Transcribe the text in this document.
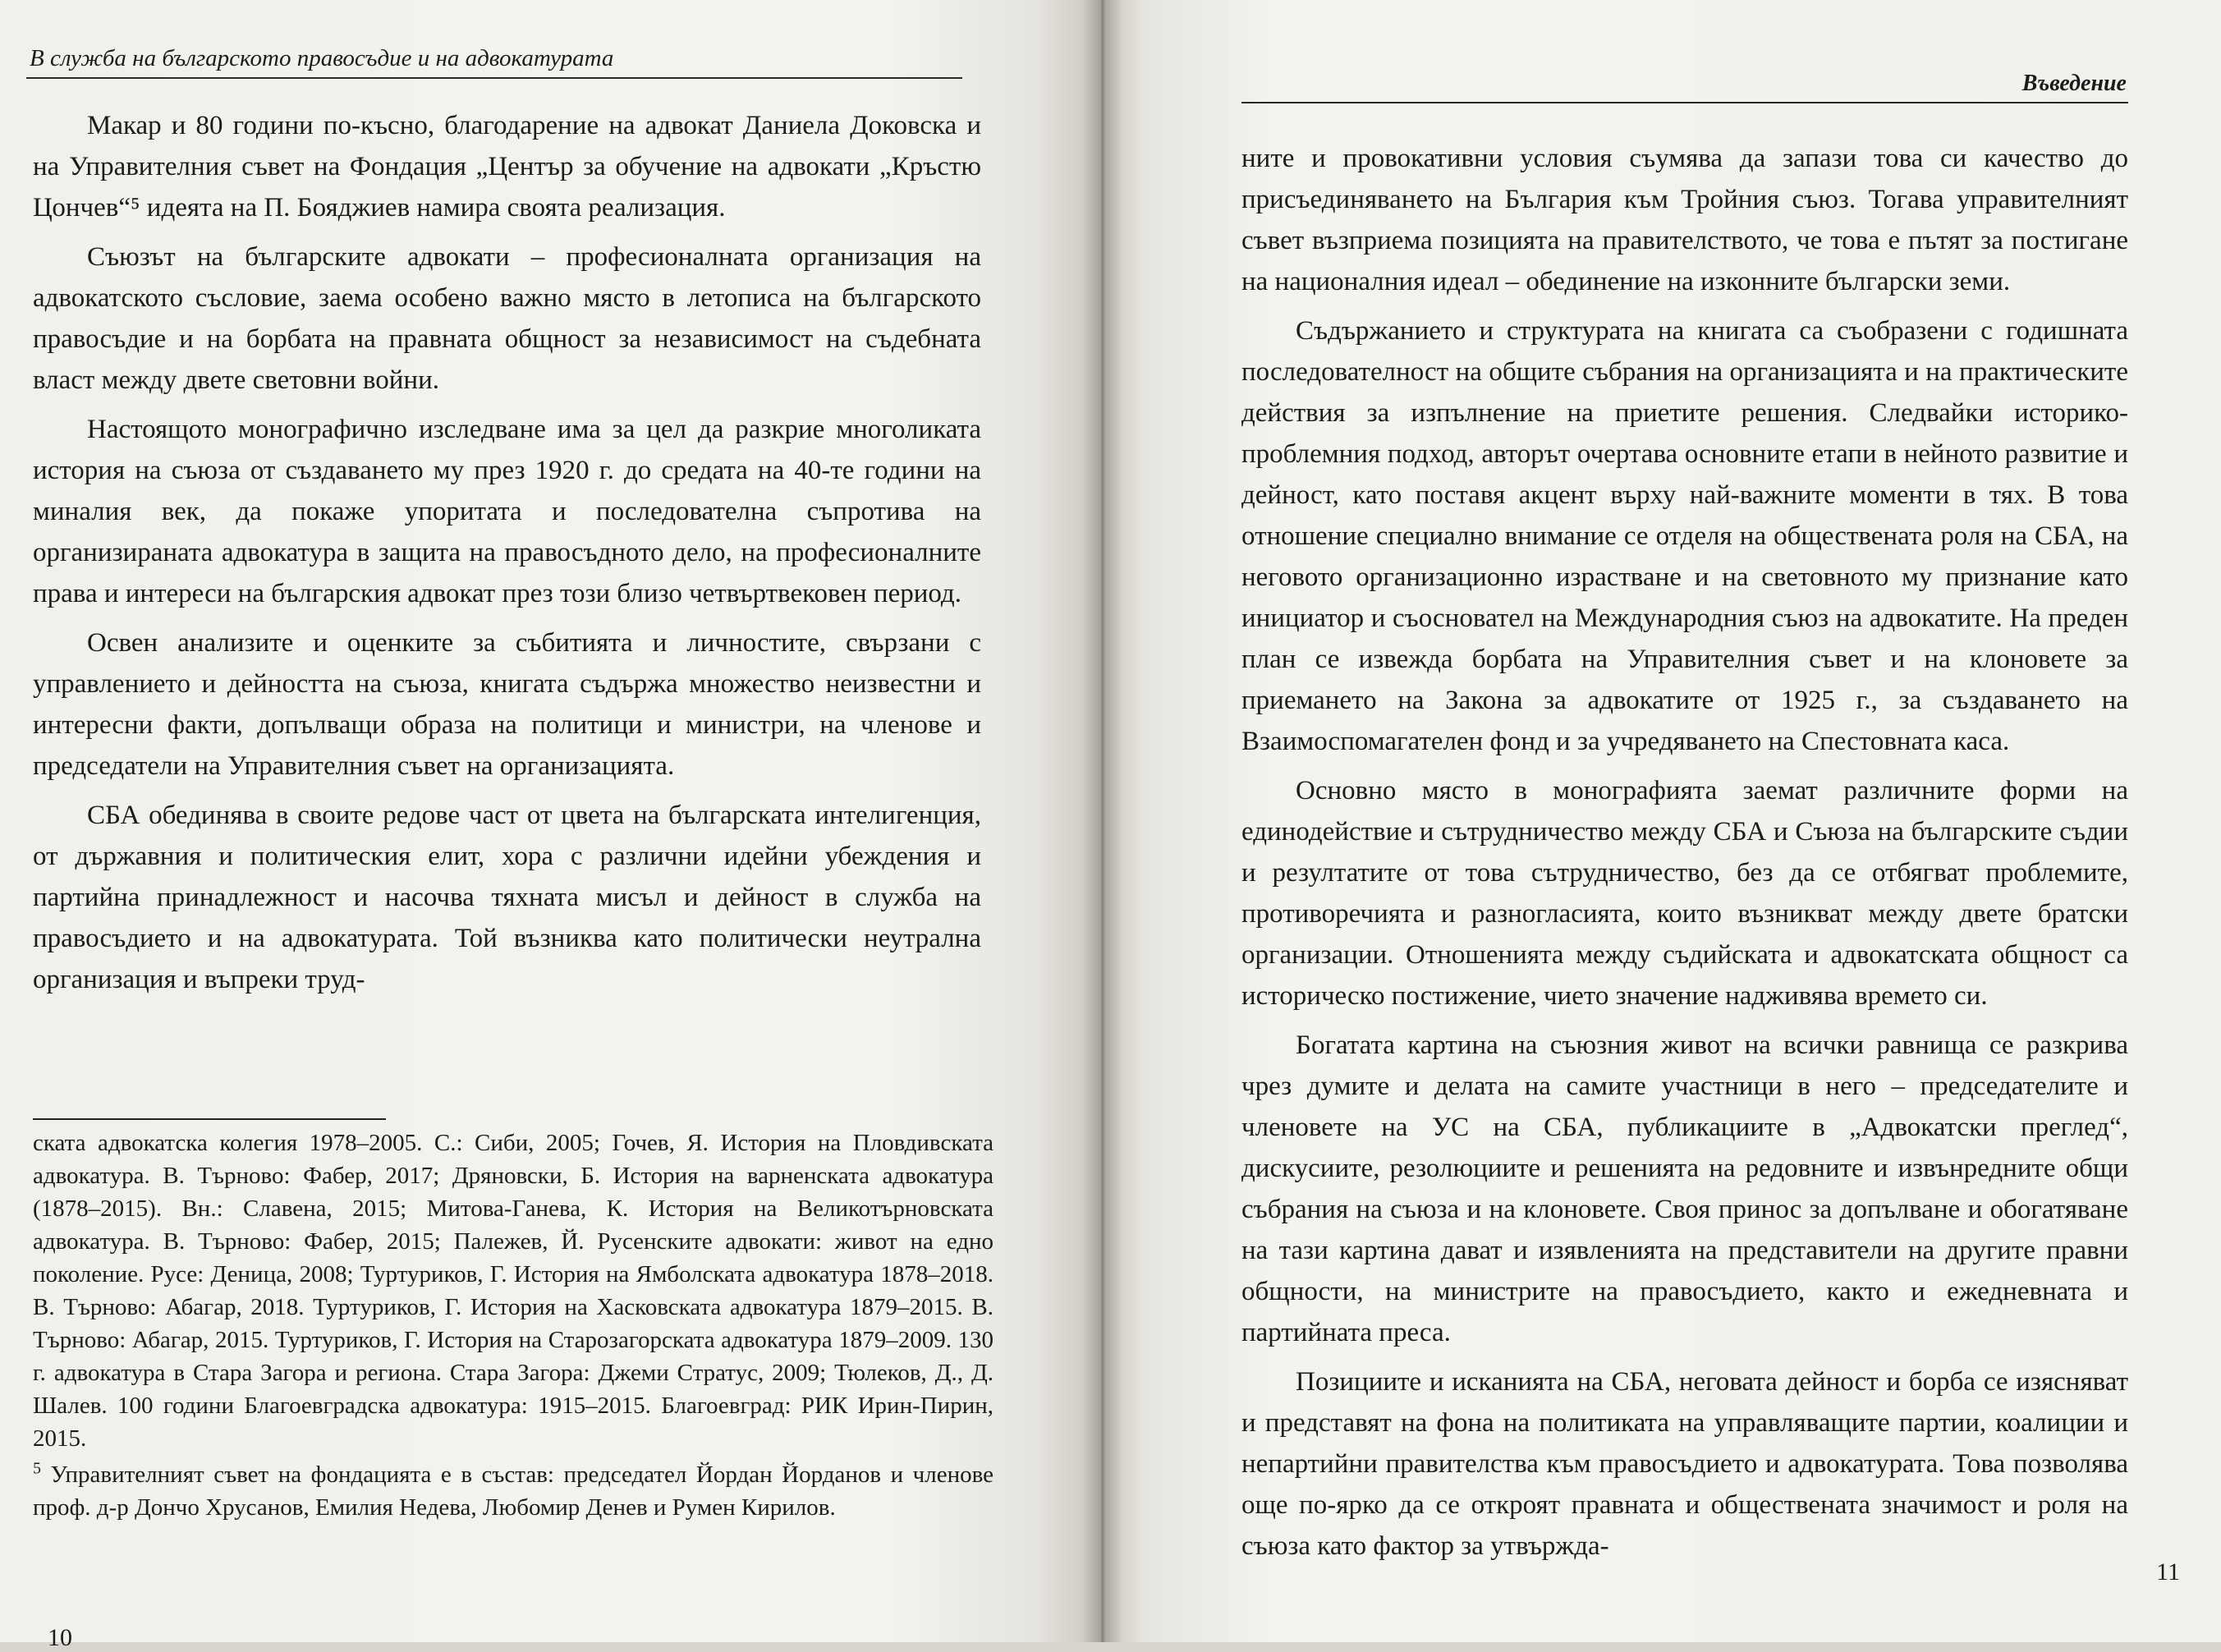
В служба на българското правосъдие и на адвокатурата

Макар и 80 години по-късно, благодарение на адвокат Даниела Доковска и на Управителния съвет на Фондация „Център за обучение на адвокати „Кръстю Цончев“⁵ идеята на П. Бояджиев намира своята реализация.

Съюзът на българските адвокати – професионалната организация на адвокатското съсловие, заема особено важно място в летописа на българското правосъдие и на борбата на правната общност за независимост на съдебната власт между двете световни войни.

Настоящото монографично изследване има за цел да разкрие многоликата история на съюза от създаването му през 1920 г. до средата на 40-те години на миналия век, да покаже упоритата и последователна съпротива на организираната адвокатура в защита на правосъдното дело, на професионалните права и интереси на българския адвокат през този близо четвъртвековен период.

Освен анализите и оценките за събитията и личностите, свързани с управлението и дейността на съюза, книгата съдържа множество неизвестни и интересни факти, допълващи образа на политици и министри, на членове и председатели на Управителния съвет на организацията.

СБА обединява в своите редове част от цвета на българската интелигенция, от държавния и политическия елит, хора с различни идейни убеждения и партийна принадлежност и насочва тяхната мисъл и дейност в служба на правосъдието и на адвокатурата. Той възниква като политически неутрална организация и въпреки труд-

ската адвокатска колегия 1978–2005. С.: Сиби, 2005; Гочев, Я. История на Пловдивската адвокатура. В. Търново: Фабер, 2017; Дряновски, Б. История на варненската адвокатура (1878–2015). Вн.: Славена, 2015; Митова-Ганева, К. История на Великотърновската адвокатура. В. Търново: Фабер, 2015; Палежев, Й. Русенските адвокати: живот на едно поколение. Русе: Деница, 2008; Туртуриков, Г. История на Ямболската адвокатура 1878–2018. В. Търново: Абагар, 2018. Туртуриков, Г. История на Хасковската адвокатура 1879–2015. В. Търново: Абагар, 2015. Туртуриков, Г. История на Старозагорската адвокатура 1879–2009. 130 г. адвокатура в Стара Загора и региона. Стара Загора: Джеми Стратус, 2009; Тюлеков, Д., Д. Шалев. 100 години Благоевградска адвокатура: 1915–2015. Благоевград: РИК Ирин-Пирин, 2015.

$^5$ Управителният съвет на фондацията е в състав: председател Йордан Йорданов и членове проф. д-р Дончо Хрусанов, Емилия Недева, Любомир Денев и Румен Кирилов.

10
Въведение

ните и провокативни условия съумява да запази това си качество до присъединяването на България към Тройния съюз. Тогава управителният съвет възприема позицията на правителството, че това е пътят за постигане на националния идеал – обединение на изконните български земи.

Съдържанието и структурата на книгата са съобразени с годишната последователност на общите събрания на организацията и на практическите действия за изпълнение на приетите решения. Следвайки историко-проблемния подход, авторът очертава основните етапи в нейното развитие и дейност, като поставя акцент върху най-важните моменти в тях. В това отношение специално внимание се отделя на обществената роля на СБА, на неговото организационно израстване и на световното му признание като инициатор и съосновател на Международния съюз на адвокатите. На преден план се извежда борбата на Управителния съвет и на клоновете за приемането на Закона за адвокатите от 1925 г., за създаването на Взаимоспомагателен фонд и за учредяването на Спестовната каса.

Основно място в монографията заемат различните форми на единодействие и сътрудничество между СБА и Съюза на българските съдии и резултатите от това сътрудничество, без да се отбягват проблемите, противоречията и разногласията, които възникват между двете братски организации. Отношенията между съдийската и адвокатската общност са историческо постижение, чието значение надживява времето си.

Богатата картина на съюзния живот на всички равнища се разкрива чрез думите и делата на самите участници в него – председателите и членовете на УС на СБА, публикациите в „Адвокатски преглед“, дискусиите, резолюциите и решенията на редовните и извънредните общи събрания на съюза и на клоновете. Своя принос за допълване и обогатяване на тази картина дават и изявленията на представители на другите правни общности, на министрите на правосъдието, както и ежедневната и партийната преса.

Позициите и исканията на СБА, неговата дейност и борба се изясняват и представят на фона на политиката на управляващите партии, коалиции и непартийни правителства към правосъдието и адвокатурата. Това позволява още по-ярко да се откроят правната и обществената значимост и роля на съюза като фактор за утвържда-

11
